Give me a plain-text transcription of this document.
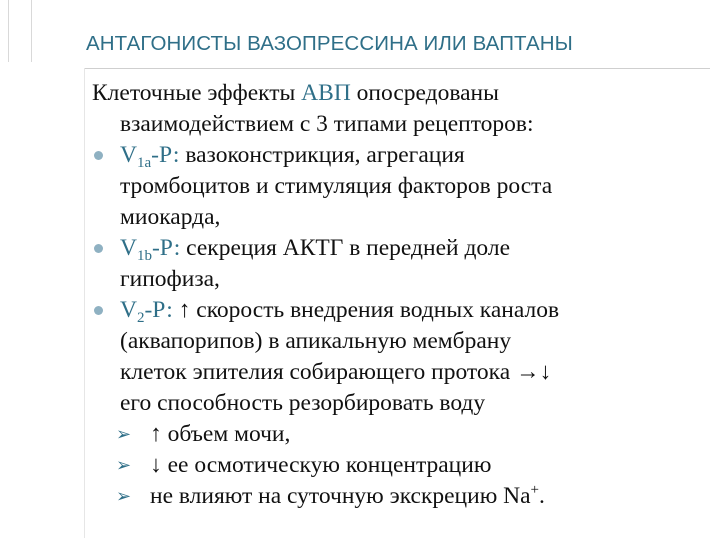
АНТАГОНИСТЫ ВАЗОПРЕССИНА ИЛИ ВАПТАНЫ
Клеточные эффекты АВП опосредованы
взаимодействием с 3 типами рецепторов:
$V_{1a}-Р$: вазоконстрикция, агрегация
тромбоцитов и стимуляция факторов роста
миокарда,
$V_{1b}-Р$: секреция АКТГ в передней доле
гипофиза,
$V_2-Р$: ↑ скорость внедрения водных каналов
(аквапорипов) в апикальную мембрану
клеток эпителия собирающего протока →↓
его способность резорбировать воду
➢ ↑ объем мочи,
➢ ↓ ее осмотическую концентрацию
➢ не влияют на суточную экскрецию Na+.
